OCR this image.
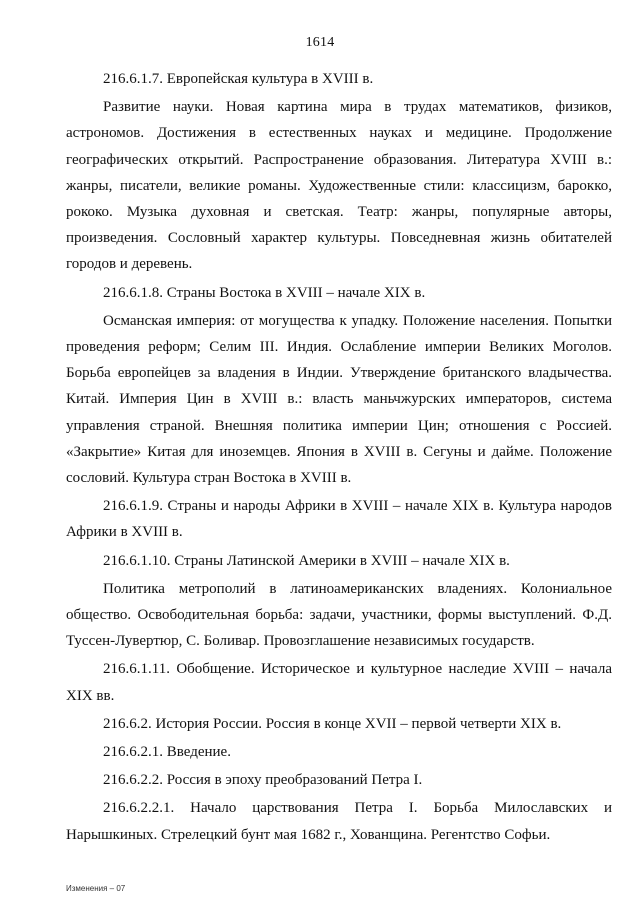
1614

216.6.1.7. Европейская культура в XVIII в.

Развитие науки. Новая картина мира в трудах математиков, физиков, астрономов. Достижения в естественных науках и медицине. Продолжение географических открытий. Распространение образования. Литература XVIII в.: жанры, писатели, великие романы. Художественные стили: классицизм, барокко, рококо. Музыка духовная и светская. Театр: жанры, популярные авторы, произведения. Сословный характер культуры. Повседневная жизнь обитателей городов и деревень.

216.6.1.8. Страны Востока в XVIII – начале XIX в.

Османская империя: от могущества к упадку. Положение населения. Попытки проведения реформ; Селим III. Индия. Ослабление империи Великих Моголов. Борьба европейцев за владения в Индии. Утверждение британского владычества. Китай. Империя Цин в XVIII в.: власть маньчжурских императоров, система управления страной. Внешняя политика империи Цин; отношения с Россией. «Закрытие» Китая для иноземцев. Япония в XVIII в. Сегуны и дайме. Положение сословий. Культура стран Востока в XVIII в.

216.6.1.9. Страны и народы Африки в XVIII – начале XIX в. Культура народов Африки в XVIII в.

216.6.1.10. Страны Латинской Америки в XVIII – начале XIX в.

Политика метрополий в латиноамериканских владениях. Колониальное общество. Освободительная борьба: задачи, участники, формы выступлений. Ф.Д. Туссен-Лувертюр, С. Боливар. Провозглашение независимых государств.

216.6.1.11. Обобщение. Историческое и культурное наследие XVIII – начала XIX вв.

216.6.2. История России. Россия в конце XVII – первой четверти XIX в.

216.6.2.1. Введение.

216.6.2.2. Россия в эпоху преобразований Петра I.

216.6.2.2.1. Начало царствования Петра I. Борьба Милославских и Нарышкиных. Стрелецкий бунт мая 1682 г., Хованщина. Регентство Софьи.

Изменения – 07
